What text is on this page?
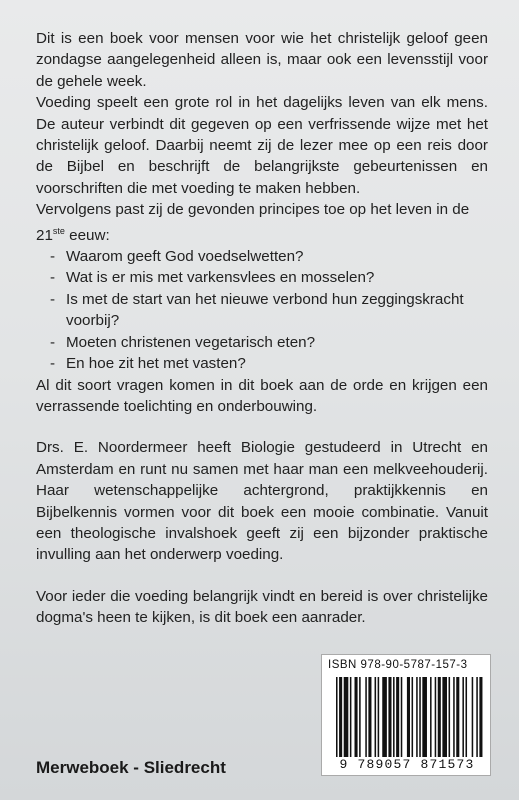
Dit is een boek voor mensen voor wie het christelijk geloof geen zondagse aangelegenheid alleen is, maar ook een levensstijl voor de gehele week.

Voeding speelt een grote rol in het dagelijks leven van elk mens. De auteur verbindt dit gegeven op een verfrissende wijze met het christelijk geloof. Daarbij neemt zij de lezer mee op een reis door de Bijbel en beschrijft de belangrijkste gebeurtenissen en voorschriften die met voeding te maken hebben.

Vervolgens past zij de gevonden principes toe op het leven in de 21ste eeuw:

- Waarom geeft God voedselwetten?
- Wat is er mis met varkensvlees en mosselen?
- Is met de start van het nieuwe verbond hun zeggingskracht voorbij?
- Moeten christenen vegetarisch eten?
- En hoe zit het met vasten?

Al dit soort vragen komen in dit boek aan de orde en krijgen een verrassende toelichting en onderbouwing.

Drs. E. Noordermeer heeft Biologie gestudeerd in Utrecht en Amsterdam en runt nu samen met haar man een melkveehouderij. Haar wetenschappelijke achtergrond, praktijkkennis en Bijbelkennis vormen voor dit boek een mooie combinatie. Vanuit een theologische invalshoek geeft zij een bijzonder praktische invulling aan het onderwerp voeding.

Voor ieder die voeding belangrijk vindt en bereid is over christelijke dogma's heen te kijken, is dit boek een aanrader.

ISBN 978-90-5787-157-3
9 789057 871573
Merweboek - Sliedrecht
